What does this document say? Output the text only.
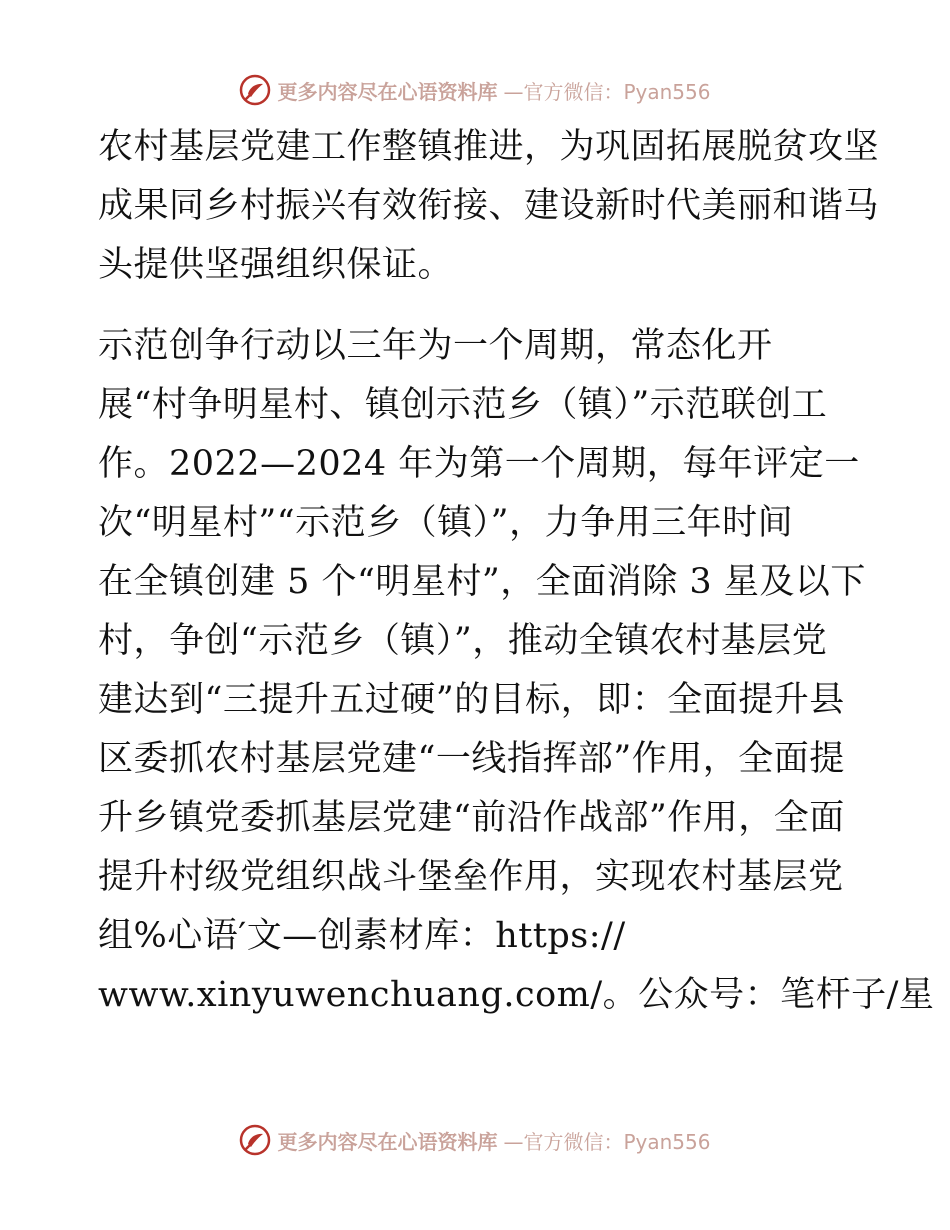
更多内容尽在心语资料库 —官方微信：Pyan556
农村基层党建工作整镇推进，为巩固拓展脱贫攻坚
成果同乡村振兴有效衔接、建设新时代美丽和谐马
头提供坚强组织保证。
示范创争行动以三年为一个周期，常态化开
展“村争明星村、镇创示范乡（镇）”示范联创工
作。2022—2024 年为第一个周期，每年评定一
次“明星村”“示范乡（镇）”，力争用三年时间
在全镇创建 5 个“明星村”，全面消除 3 星及以下
村，争创“示范乡（镇）”，推动全镇农村基层党
建达到“三提升五过硬”的目标，即：全面提升县
区委抓农村基层党建“一线指挥部”作用，全面提
升乡镇党委抓基层党建“前沿作战部”作用，全面
提升村级党组织战斗堡垒作用，实现农村基层党
组%心语′文—创素材库：https://
www.xinyuwenchuang.com/。公众号：笔杆子/星
更多内容尽在心语资料库 —官方微信：Pyan556
